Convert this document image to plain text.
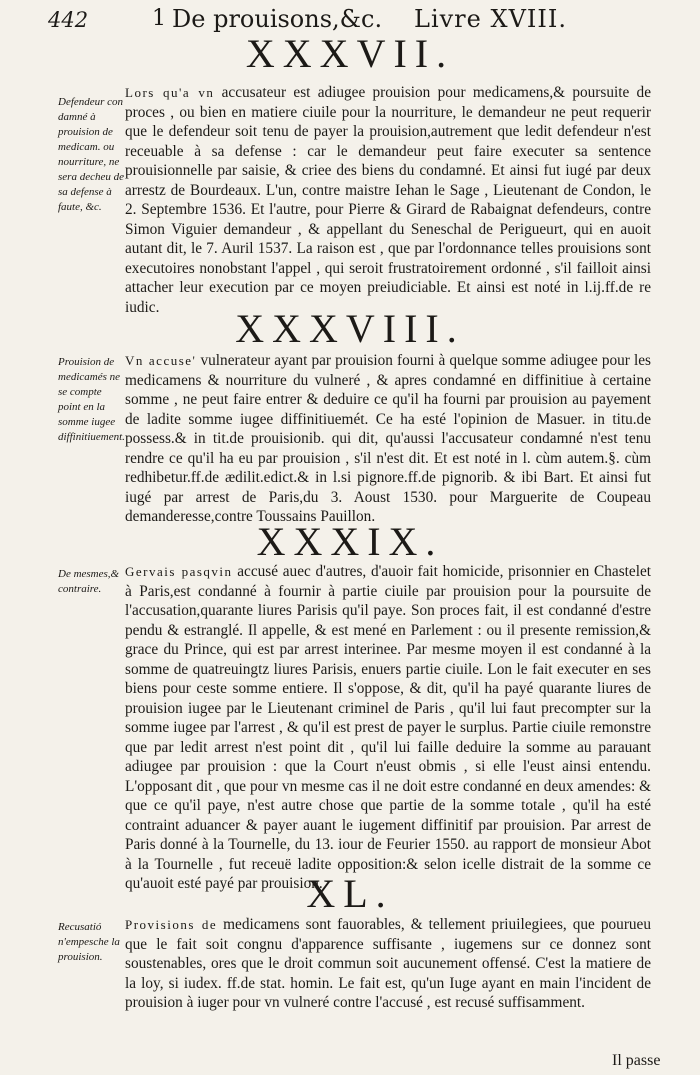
442	1 De prouisons,&c. Livre XVIII.
XXXVII.
Defendeur con damné à prouision de medicam. ou nourriture, ne sera decheu de sa defense à faute, &c.
Lors qu'a vn accusateur est adiugee prouision pour medicamens,& poursuite de proces , ou bien en matiere ciuile pour la nourriture, le demandeur ne peut requerir que le defendeur soit tenu de payer la prouision,autrement que ledit defendeur n'est receuable à sa defense : car le demandeur peut faire executer sa sentence prouisionnelle par saisie, & criee des biens du condamné. Et ainsi fut iugé par deux arrestz de Bourdeaux. L'un, contre maistre Iehan le Sage , Lieutenant de Condon, le 2. Septembre 1536. Et l'autre, pour Pierre & Girard de Rabaignat defendeurs, contre Simon Viguier demandeur , & appellant du Seneschal de Perigueurt, qui en auoit autant dit, le 7. Auril 1537. La raison est , que par l'ordonnance telles prouisions sont executoires nonobstant l'appel , qui seroit frustratoirement ordonné , s'il failloit ainsi attacher leur execution par ce moyen preiudiciable. Et ainsi est noté in l.ij.ff.de re iudic.	XXXVIII.
Prouision de medicamés ne se compte point en la somme iugee diffinitiuement.
Vn accuse' vulnerateur ayant par prouision fourni à quelque somme adiugee pour les medicamens & nourriture du vulneré , & apres condamné en diffinitiue à certaine somme , ne peut faire entrer & deduire ce qu'il ha fourni par prouision au payement de ladite somme iugee diffinitiuemét. Ce ha esté l'opinion de Masuer. in titu.de possess.& in tit.de prouisionib. qui dit, qu'aussi l'accusateur condamné n'est tenu rendre ce qu'il ha eu par prouision , s'il n'est dit. Et est noté in l. cùm autem.§. cùm redhibetur.ff.de ædilit.edict.& in l.si pignore.ff.de pignorib. & ibi Bart. Et ainsi fut iugé par arrest de Paris,du 3. Aoust 1530. pour Marguerite de Coupeau demanderesse,contre Toussains Pauillon.
XXXIX.
De mesmes,& contraire.
Gervais pasqvin accusé auec d'autres, d'auoir fait homicide, prisonnier en Chastelet à Paris,est condanné à fournir à partie ciuile par prouision pour la poursuite de l'accusation,quarante liures Parisis qu'il paye. Son proces fait, il est condanné d'estre pendu & estranglé. Il appelle, & est mené en Parlement : ou il presente remission,& grace du Prince, qui est par arrest interinee. Par mesme moyen il est condanné à la somme de quatreuingtz liures Parisis, enuers partie ciuile. Lon le fait executer en ses biens pour ceste somme entiere. Il s'oppose, & dit, qu'il ha payé quarante liures de prouision iugee par le Lieutenant criminel de Paris , qu'il lui faut precompter sur la somme iugee par l'arrest , & qu'il est prest de payer le surplus. Partie ciuile remonstre que par ledit arrest n'est point dit , qu'il lui faille deduire la somme au parauant adiugee par prouision : que la Court n'eust obmis , si elle l'eust ainsi entendu. L'opposant dit , que pour vn mesme cas il ne doit estre condanné en deux amendes: & que ce qu'il paye, n'est autre chose que partie de la somme totale , qu'il ha esté contraint aduancer & payer auant le iugement diffinitif par prouision. Par arrest de Paris donné à la Tournelle, du 13. iour de Feurier 1550. au rapport de monsieur Abot à la Tournelle , fut receuë ladite opposition:& selon icelle distrait de la somme ce qu'auoit esté payé par prouision.
XL.
Recusatió n'empesche la prouision.
Provisions de medicamens sont fauorables, & tellement priuilegiees, que pourueu que le fait soit congnu d'apparence suffisante , iugemens sur ce donnez sont soustenables, ores que le droit commun soit aucunement offensé. C'est la matiere de la loy, si iudex. ff.de stat. homin. Le fait est, qu'un Iuge ayant en main l'incident de prouision à iuger pour vn vulneré contre l'accusé , est recusé suffisamment.
Il passe
